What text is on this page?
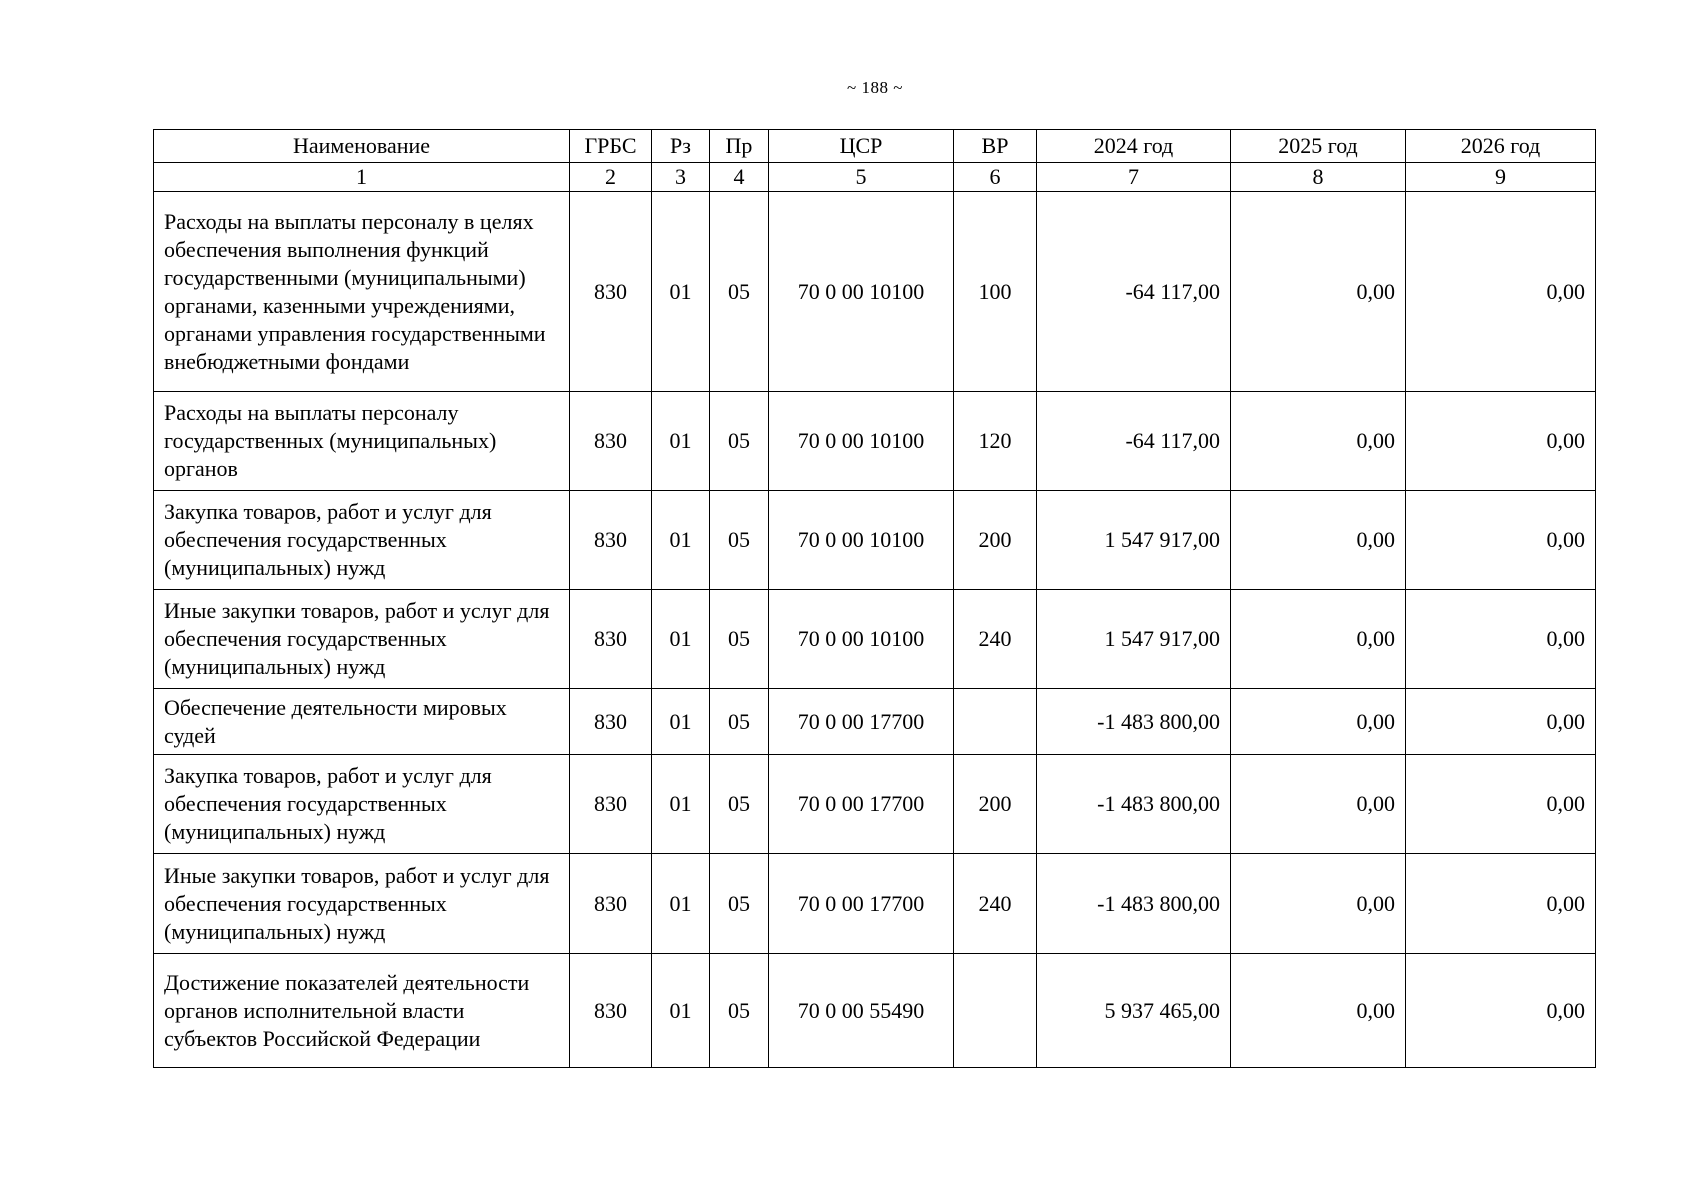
~ 188 ~
Наименование	ГРБС	Рз	Пр	ЦСР	ВР	2024 год	2025 год	2026 год
1	2	3	4	5	6	7	8	9
Расходы на выплаты персоналу в целях обеспечения выполнения функций государственными (муниципальными) органами, казенными учреждениями, органами управления государственными внебюджетными фондами	830	01	05	70 0 00 10100	100	-64 117,00	0,00	0,00
Расходы на выплаты персоналу государственных (муниципальных) органов	830	01	05	70 0 00 10100	120	-64 117,00	0,00	0,00
Закупка товаров, работ и услуг для обеспечения государственных (муниципальных) нужд	830	01	05	70 0 00 10100	200	1 547 917,00	0,00	0,00
Иные закупки товаров, работ и услуг для обеспечения государственных (муниципальных) нужд	830	01	05	70 0 00 10100	240	1 547 917,00	0,00	0,00
Обеспечение деятельности мировых судей	830	01	05	70 0 00 17700		-1 483 800,00	0,00	0,00
Закупка товаров, работ и услуг для обеспечения государственных (муниципальных) нужд	830	01	05	70 0 00 17700	200	-1 483 800,00	0,00	0,00
Иные закупки товаров, работ и услуг для обеспечения государственных (муниципальных) нужд	830	01	05	70 0 00 17700	240	-1 483 800,00	0,00	0,00
Достижение показателей деятельности органов исполнительной власти субъектов Российской Федерации	830	01	05	70 0 00 55490		5 937 465,00	0,00	0,00
